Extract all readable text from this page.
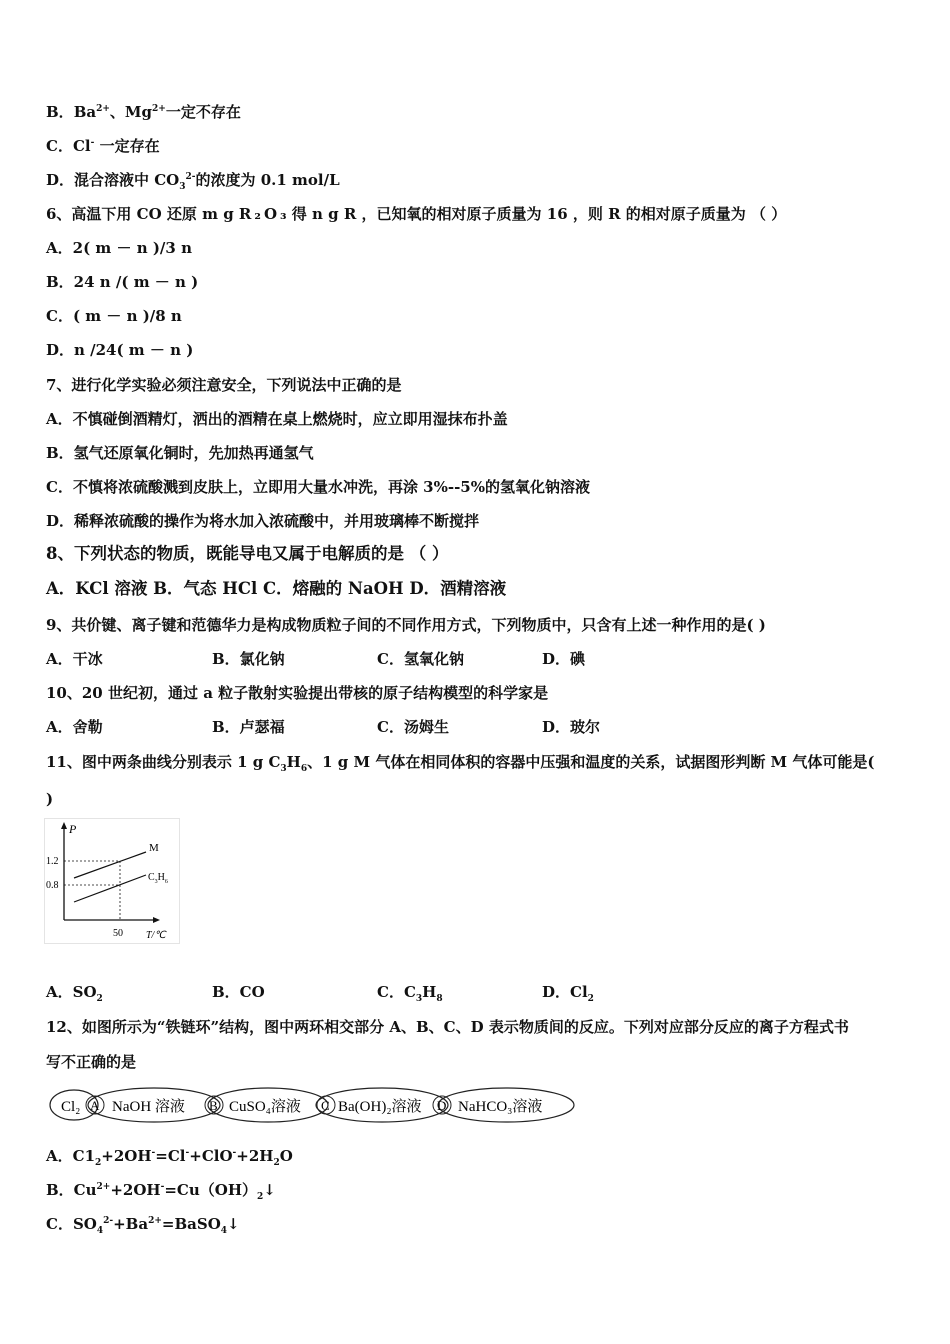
B．$Ba^{2+}$、$Mg^{2+}$一定不存在
C．Cl- 一定存在
D．混合溶液中 $CO_3^{2-}$的浓度为 0.1 mol/L
6、高温下用 CO 还原 m g R ₂ O ₃ 得 n g R ，已知氧的相对原子质量为 16 ，则 R 的相对原子质量为 （ ）
A．2( m － n )/3 n
B．24 n /( m － n )
C．( m － n )/8 n
D．n /24( m － n )
7、进行化学实验必须注意安全，下列说法中正确的是
A．不慎碰倒酒精灯，洒出的酒精在桌上燃烧时，应立即用湿抹布扑盖
B．氢气还原氧化铜时，先加热再通氢气
C．不慎将浓硫酸溅到皮肤上，立即用大量水冲洗，再涂 3%--5%的氢氧化钠溶液
D．稀释浓硫酸的操作为将水加入浓硫酸中，并用玻璃棒不断搅拌
8、下列状态的物质，既能导电又属于电解质的是 （ ）
A．KCl 溶液 B．气态 HCl C．熔融的 NaOH D．酒精溶液
9、共价键、离子键和范德华力是构成物质粒子间的不同作用方式，下列物质中，只含有上述一种作用的是( )
A．干冰	B．氯化钠	C．氢氧化钠	D．碘
10、20 世纪初，通过 a 粒子散射实验提出带核的原子结构模型的科学家是
A．舍勒	B．卢瑟福	C．汤姆生	D．玻尔
11、图中两条曲线分别表示 1 g $C_3H_6$、1 g M 气体在相同体积的容器中压强和温度的关系，试据图形判断 M 气体可能是(
)
P
T/℃
1.2
0.8
50
M
$C_3H_6$
A．$SO_2$	B．CO	C．$C_3H_8$	D．$Cl_2$
12、如图所示为“铁链环”结构，图中两环相交部分 A、B、C、D 表示物质间的反应。下列对应部分反应的离子方程式书
写不正确的是
Cl₂ A NaOH 溶液 B CuSO₄溶液 C Ba(OH)₂溶液 D NaHCO₃溶液
A．$C1_2+2OH^-=Cl^-+ClO^-+2H_2O$
B．$Cu^{2+}+2OH^-=Cu(OH)_2↓$
C．$SO_4^{2-}+Ba^{2+}=BaSO_4↓$
